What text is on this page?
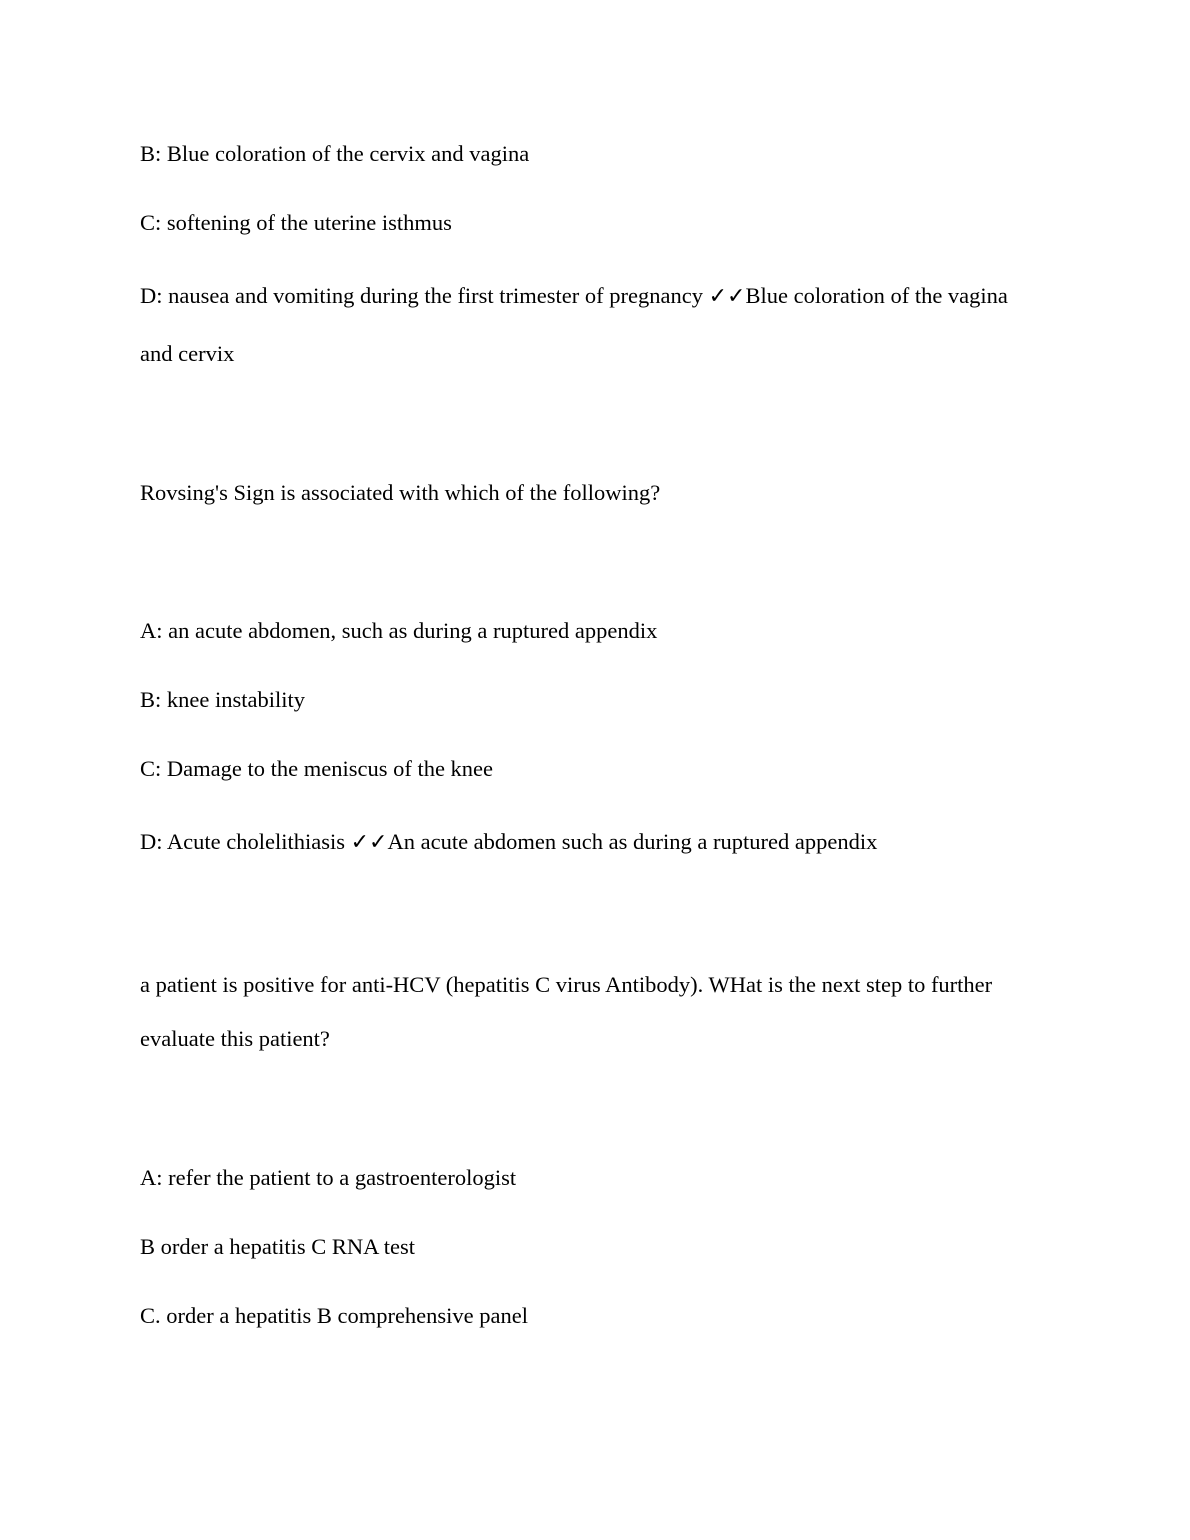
B: Blue coloration of the cervix and vagina
C: softening of the uterine isthmus
D: nausea and vomiting during the first trimester of pregnancy ✓✓Blue coloration of the vagina
and cervix
Rovsing's Sign is associated with which of the following?
A: an acute abdomen, such as during a ruptured appendix
B: knee instability
C: Damage to the meniscus of the knee
D: Acute cholelithiasis ✓✓An acute abdomen such as during a ruptured appendix
a patient is positive for anti-HCV (hepatitis C virus Antibody). WHat is the next step to further
evaluate this patient?
A: refer the patient to a gastroenterologist
B order a hepatitis C RNA test
C. order a hepatitis B comprehensive panel
